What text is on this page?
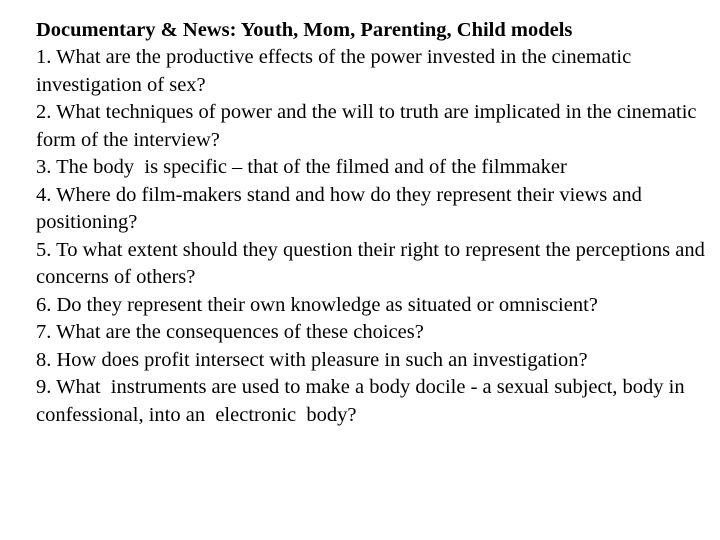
Documentary & News: Youth, Mom, Parenting, Child models

1. What are the productive effects of the power invested in the cinematic investigation of sex?

2. What techniques of power and the will to truth are implicated in the cinematic form of the interview?

3. The body  is specific – that of the filmed and of the filmmaker

4. Where do film-makers stand and how do they represent their views and positioning?

5. To what extent should they question their right to represent the perceptions and concerns of others?

6. Do they represent their own knowledge as situated or omniscient?

7. What are the consequences of these choices?

8. How does profit intersect with pleasure in such an investigation?

9. What  instruments are used to make a body docile - a sexual subject, body in confessional, into an  electronic  body?
